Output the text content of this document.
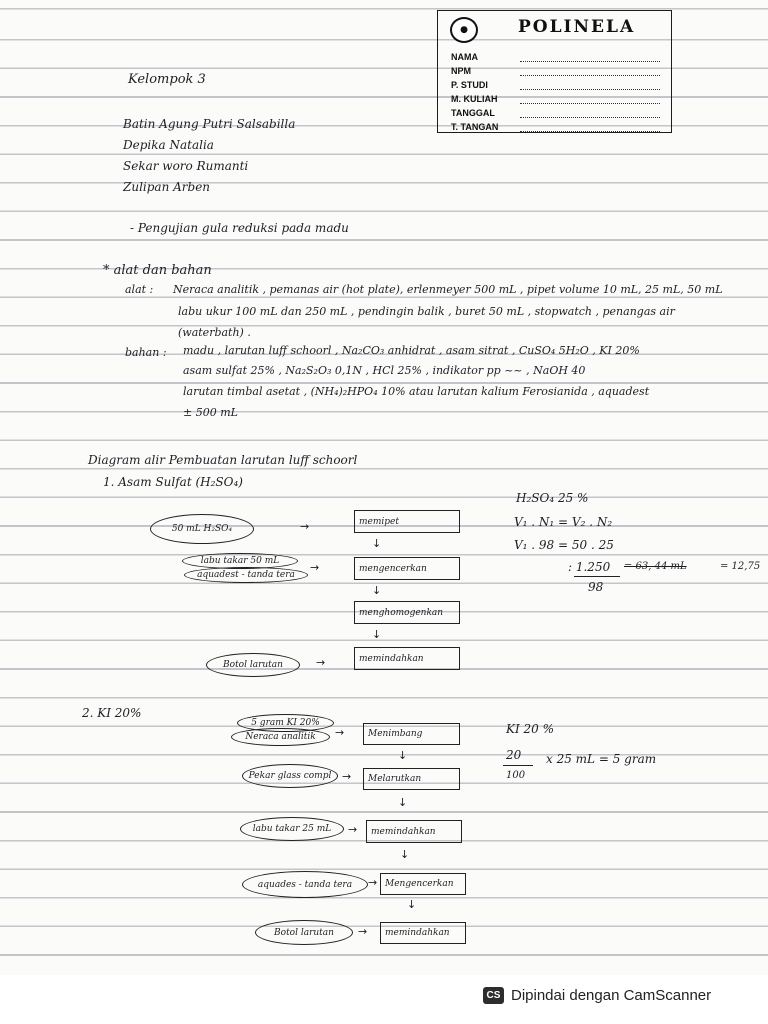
●	POLINELA
NAMA
NPM
P. STUDI
M. KULIAH
TANGGAL
T. TANGAN
Kelompok 3
Batin Agung Putri Salsabilla
Depika Natalia
Sekar woro Rumanti
Zulipan Arben
- Pengujian gula reduksi pada madu
* alat dan bahan
alat : Neraca analitik , pemanas air (hot plate), erlenmeyer 500 mL , pipet volume 10 mL, 25 mL, 50 mL
labu ukur 100 mL dan 250 mL , pendingin balik , buret 50 mL , stopwatch , penangas air
(waterbath) .
bahan : madu , larutan luff schoorl , Na₂CO₃ anhidrat , asam sitrat , CuSO₄ 5H₂O , KI 20%
asam sulfat 25% , Na₂S₂O₃ 0,1N , HCl 25% , indikator pp ~~ , NaOH 40
larutan timbal asetat , (NH₄)₂HPO₄ 10% atau larutan kalium Ferosianida , aquadest
± 500 mL
Diagram alir Pembuatan larutan luff schoorl
1. Asam Sulfat (H₂SO₄)
50 mL H₂SO₄	→	memipet
↓
labu takar 50 mL
aquadest - tanda tera
→	mengencerkan
↓
menghomogenkan
↓
Botol larutan	→	memindahkan
H₂SO₄ 25 %
V₁ . N₁ = V₂ . N₂
V₁ . 98 = 50 . 25
: 1.250
98
= 63, 44 mL	= 12,75
2. KI 20%
5 gram KI 20%
Neraca analitik	→	Menimbang
↓
Pekar glass compl →	Melarutkan
↓
labu takar 25 mL	→	memindahkan
↓
aquades - tanda tera	→ Mengencerkan
↓
Botol larutan	→	memindahkan
KI 20 %
20
100
x 25 mL = 5 gram
CS Dipindai dengan CamScanner
